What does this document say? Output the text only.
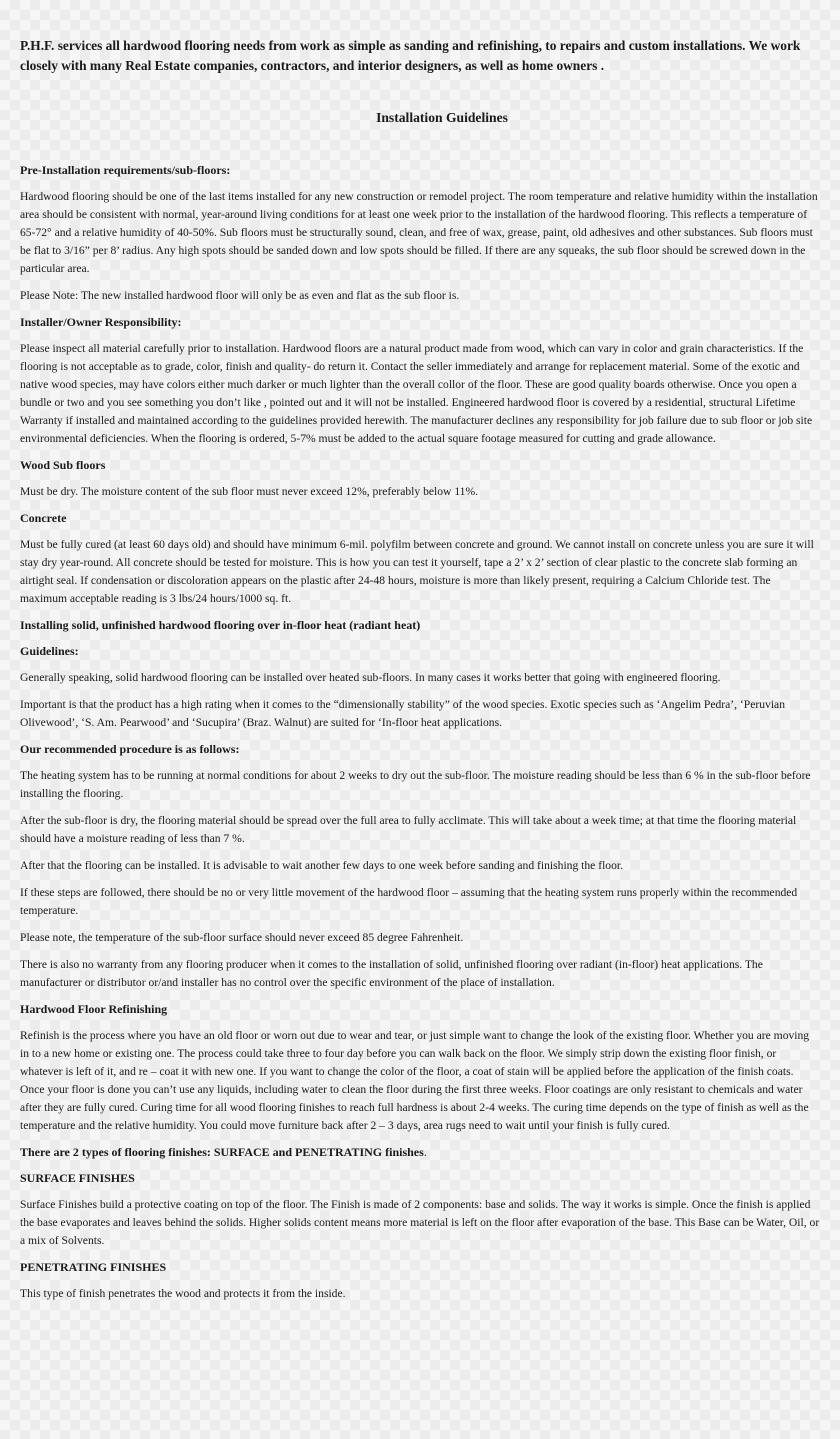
P.H.F. services all hardwood flooring needs from work as simple as sanding and refinishing, to repairs and custom installations. We work closely with many Real Estate companies, contractors, and interior designers, as well as home owners .
Installation Guidelines
Pre-Installation requirements/sub-floors:

Hardwood flooring should be one of the last items installed for any new construction or remodel project. The room temperature and relative humidity within the installation area should be consistent with normal, year-around living conditions for at least one week prior to the installation of the hardwood flooring. This reflects a temperature of 65-72° and a relative humidity of 40-50%. Sub floors must be structurally sound, clean, and free of wax, grease, paint, old adhesives and other substances. Sub floors must be flat to 3/16” per 8’ radius. Any high spots should be sanded down and low spots should be filled. If there are any squeaks, the sub floor should be screwed down in the particular area.

Please Note: The new installed hardwood floor will only be as even and flat as the sub floor is.

Installer/Owner Responsibility:

Please inspect all material carefully prior to installation. Hardwood floors are a natural product made from wood, which can vary in color and grain characteristics. If the flooring is not acceptable as to grade, color, finish and quality- do return it. Contact the seller immediately and arrange for replacement material. Some of the exotic and native wood species, may have colors either much darker or much lighter than the overall collor of the floor. These are good quality boards otherwise. Once you open a bundle or two and you see something you don’t like , pointed out and it will not be installed. Engineered hardwood floor is covered by a residential, structural Lifetime Warranty if installed and maintained according to the guidelines provided herewith. The manufacturer declines any responsibility for job failure due to sub floor or job site environmental deficiencies. When the flooring is ordered, 5-7% must be added to the actual square footage measured for cutting and grade allowance.

Wood Sub floors

Must be dry. The moisture content of the sub floor must never exceed 12%, preferably below 11%.

Concrete

Must be fully cured (at least 60 days old) and should have minimum 6-mil. polyfilm between concrete and ground. We cannot install on concrete unless you are sure it will stay dry year-round. All concrete should be tested for moisture. This is how you can test it yourself, tape a 2’ x 2’ section of clear plastic to the concrete slab forming an airtight seal. If condensation or discoloration appears on the plastic after 24-48 hours, moisture is more than likely present, requiring a Calcium Chloride test. The maximum acceptable reading is 3 lbs/24 hours/1000 sq. ft.

Installing solid, unfinished hardwood flooring over in-floor heat (radiant heat)
Guidelines:

Generally speaking, solid hardwood flooring can be installed over heated sub-floors. In many cases it works better that going with engineered flooring.

Important is that the product has a high rating when it comes to the “dimensionally stability” of the wood species. Exotic species such as ‘Angelim Pedra’, ‘Peruvian Olivewood’, ‘S. Am. Pearwood’ and ‘Sucupira’ (Braz. Walnut) are suited for ‘In-floor heat applications.

Our recommended procedure is as follows:

The heating system has to be running at normal conditions for about 2 weeks to dry out the sub-floor. The moisture reading should be less than 6 % in the sub-floor before installing the flooring.

After the sub-floor is dry, the flooring material should be spread over the full area to fully acclimate. This will take about a week time; at that time the flooring material should have a moisture reading of less than 7 %.

After that the flooring can be installed. It is advisable to wait another few days to one week before sanding and finishing the floor.

If these steps are followed, there should be no or very little movement of the hardwood floor – assuming that the heating system runs properly within the recommended temperature.

Please note, the temperature of the sub-floor surface should never exceed 85 degree Fahrenheit.

There is also no warranty from any flooring producer when it comes to the installation of solid, unfinished flooring over radiant (in-floor) heat applications. The manufacturer or distributor or/and installer has no control over the specific environment of the place of installation.

Hardwood Floor Refinishing

Refinish is the process where you have an old floor or worn out due to wear and tear, or just simple want to change the look of the existing floor. Whether you are moving in to a new home or existing one. The process could take three to four day before you can walk back on the floor. We simply strip down the existing floor finish, or whatever is left of it, and re – coat it with new one. If you want to change the color of the floor, a coat of stain will be applied before the application of the finish coats. Once your floor is done you can’t use any liquids, including water to clean the floor during the first three weeks. Floor coatings are only resistant to chemicals and water after they are fully cured. Curing time for all wood flooring finishes to reach full hardness is about 2-4 weeks. The curing time depends on the type of finish as well as the temperature and the relative humidity. You could move furniture back after 2 – 3 days, area rugs need to wait until your finish is fully cured.

There are 2 types of flooring finishes: SURFACE and PENETRATING finishes.
SURFACE FINISHES

Surface Finishes build a protective coating on top of the floor. The Finish is made of 2 components: base and solids. The way it works is simple. Once the finish is applied the base evaporates and leaves behind the solids. Higher solids content means more material is left on the floor after evaporation of the base. This Base can be Water, Oil, or a mix of Solvents.

PENETRATING FINISHES

This type of finish penetrates the wood and protects it from the inside.
